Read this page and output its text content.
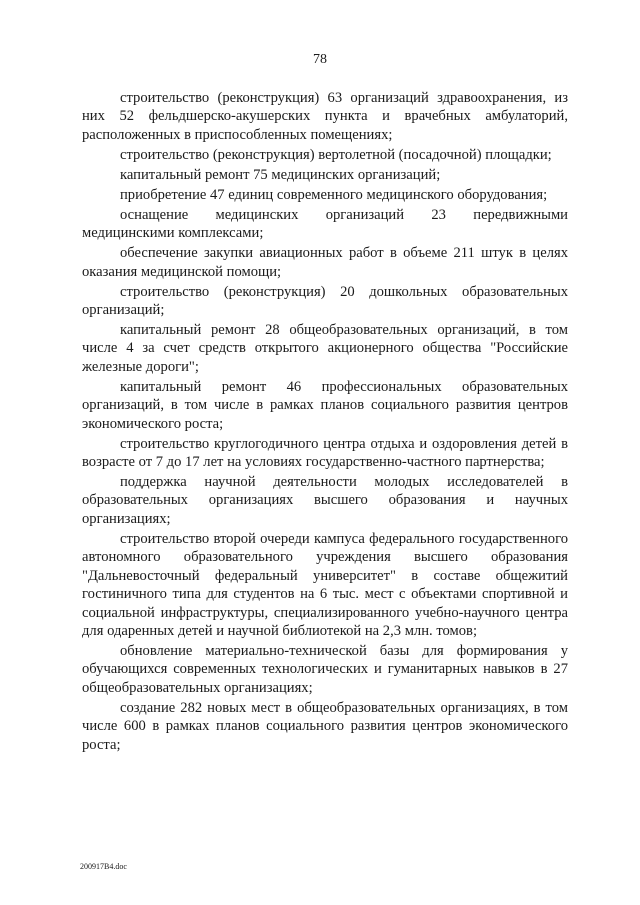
78

строительство (реконструкция) 63 организаций здравоохранения, из них 52 фельдшерско-акушерских пункта и врачебных амбулаторий, расположенных в приспособленных помещениях;

строительство (реконструкция) вертолетной (посадочной) площадки;

капитальный ремонт 75 медицинских организаций;

приобретение 47 единиц современного медицинского оборудования;

оснащение медицинских организаций 23 передвижными медицинскими комплексами;

обеспечение закупки авиационных работ в объеме 211 штук в целях оказания медицинской помощи;

строительство (реконструкция) 20 дошкольных образовательных организаций;

капитальный ремонт 28 общеобразовательных организаций, в том числе 4 за счет средств открытого акционерного общества "Российские железные дороги";

капитальный ремонт 46 профессиональных образовательных организаций, в том числе в рамках планов социального развития центров экономического роста;

строительство круглогодичного центра отдыха и оздоровления детей в возрасте от 7 до 17 лет на условиях государственно-частного партнерства;

поддержка научной деятельности молодых исследователей в образовательных организациях высшего образования и научных организациях;

строительство второй очереди кампуса федерального государственного автономного образовательного учреждения высшего образования "Дальневосточный федеральный университет" в составе общежитий гостиничного типа для студентов на 6 тыс. мест с объектами спортивной и социальной инфраструктуры, специализированного учебно-научного центра для одаренных детей и научной библиотекой на 2,3 млн. томов;

обновление материально-технической базы для формирования у обучающихся современных технологических и гуманитарных навыков в 27 общеобразовательных организациях;

создание 282 новых мест в общеобразовательных организациях, в том числе 600 в рамках планов социального развития центров экономического роста;

200917В4.doc
